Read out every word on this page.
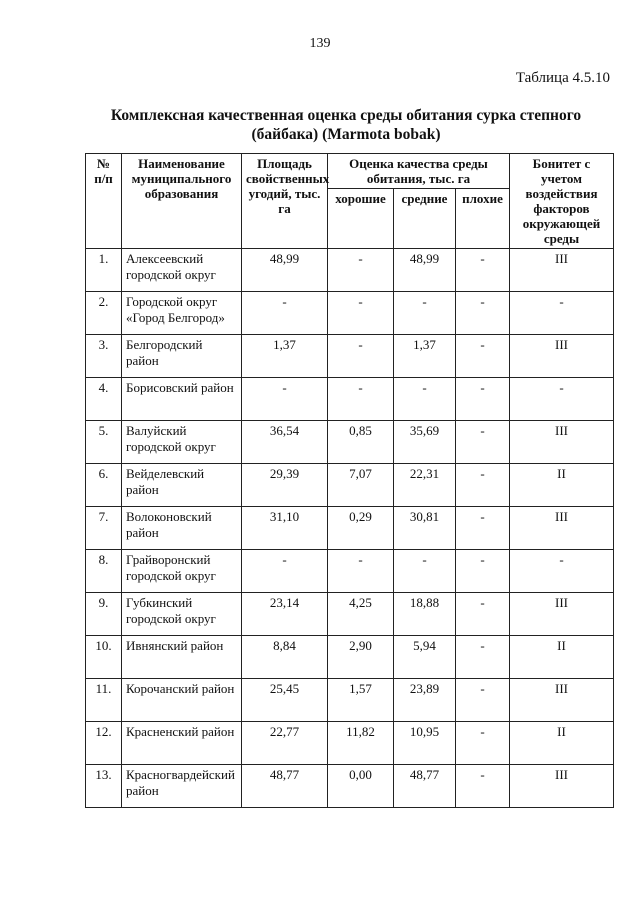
139
Таблица 4.5.10
Комплексная качественная оценка среды обитания сурка степного (байбака) (Marmota bobak)
№ п/п	Наименование муниципального образования	Площадь свойственных угодий, тыс. га	Оценка качества среды обитания, тыс. га			Бонитет с учетом воздействия факторов окружающей среды
			хорошие	средние	плохие	
1.	Алексеевский городской округ	48,99	-	48,99	-	III
2.	Городской округ «Город Белгород»	-	-	-	-	-
3.	Белгородский район	1,37	-	1,37	-	III
4.	Борисовский район	-	-	-	-	-
5.	Валуйский городской округ	36,54	0,85	35,69	-	III
6.	Вейделевский район	29,39	7,07	22,31	-	II
7.	Волоконовский район	31,10	0,29	30,81	-	III
8.	Грайворонский городской округ	-	-	-	-	-
9.	Губкинский городской округ	23,14	4,25	18,88	-	III
10.	Ивнянский район	8,84	2,90	5,94	-	II
11.	Корочанский район	25,45	1,57	23,89	-	III
12.	Красненский район	22,77	11,82	10,95	-	II
13.	Красногвардейский район	48,77	0,00	48,77	-	III
